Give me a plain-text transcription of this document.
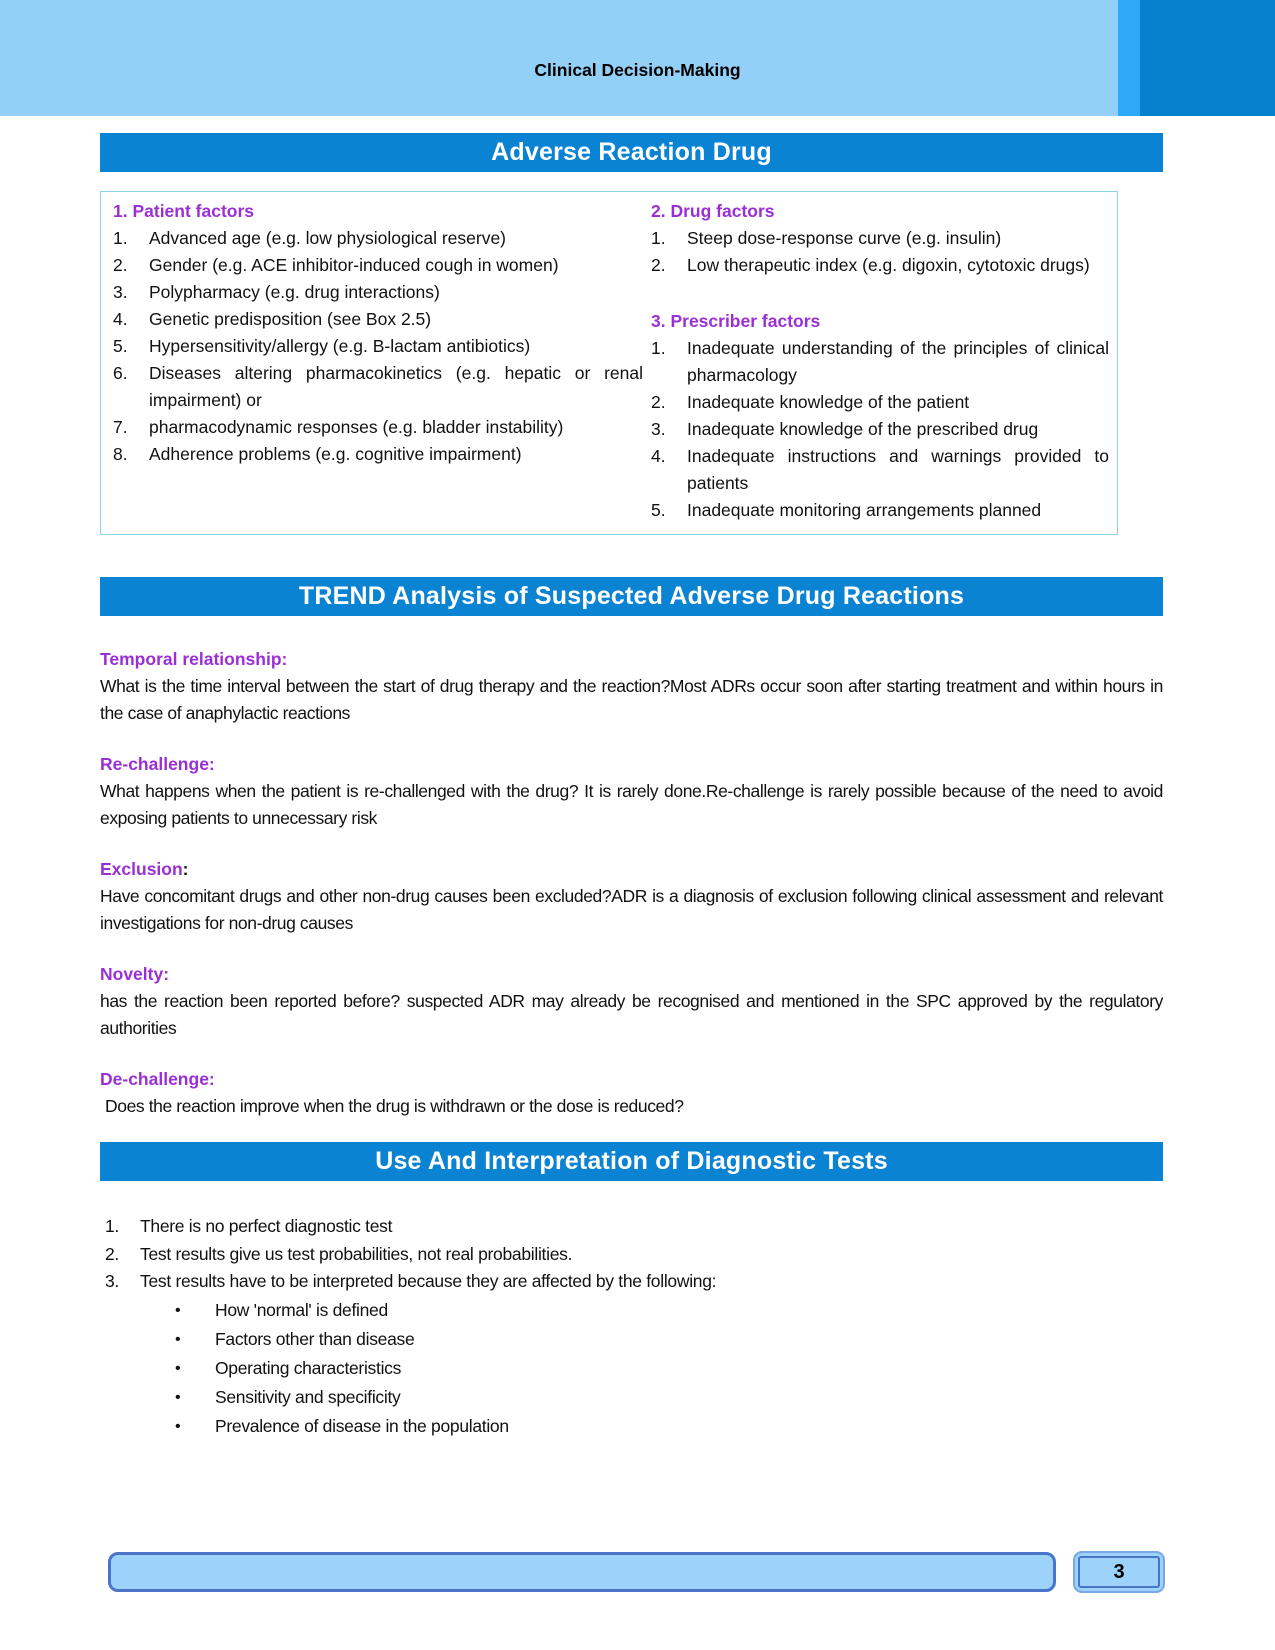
Clinical Decision-Making
Adverse Reaction Drug
1. Patient factors
1.	Advanced age (e.g. low physiological reserve)
2.	Gender (e.g. ACE inhibitor-induced cough in women)
3.	Polypharmacy (e.g. drug interactions)
4.	Genetic predisposition (see Box 2.5)
5.	Hypersensitivity/allergy (e.g. B-lactam antibiotics)
6.	Diseases altering pharmacokinetics (e.g. hepatic or renal impairment) or
7.	pharmacodynamic responses (e.g. bladder instability)
8.	Adherence problems (e.g. cognitive impairment)
2. Drug factors
1.	Steep dose-response curve (e.g. insulin)
2.	Low therapeutic index (e.g. digoxin, cytotoxic drugs)
3. Prescriber factors
1.	Inadequate understanding of the principles of clinical pharmacology
2.	Inadequate knowledge of the patient
3.	Inadequate knowledge of the prescribed drug
4.	Inadequate instructions and warnings provided to patients
5.	Inadequate monitoring arrangements planned
TREND Analysis of Suspected Adverse Drug Reactions
Temporal relationship:
What is the time interval between the start of drug therapy and the reaction?Most ADRs occur soon after starting treatment and within hours in the case of anaphylactic reactions
Re-challenge:
What happens when the patient is re-challenged with the drug? It is rarely done.Re-challenge is rarely possible because of the need to avoid exposing patients to unnecessary risk
Exclusion:
Have concomitant drugs and other non-drug causes been excluded?ADR is a diagnosis of exclusion following clinical assessment and relevant investigations for non-drug causes
Novelty:
has the reaction been reported before? suspected ADR may already be recognised and mentioned in the SPC approved by the regulatory authorities
De-challenge:
Does the reaction improve when the drug is withdrawn or the dose is reduced?
Use And Interpretation of Diagnostic Tests
1.	There is no perfect diagnostic test
2.	Test results give us test probabilities, not real probabilities.
3.	Test results have to be interpreted because they are affected by the following:
•	How 'normal' is defined
•	Factors other than disease
•	Operating characteristics
•	Sensitivity and specificity
•	Prevalence of disease in the population
3
